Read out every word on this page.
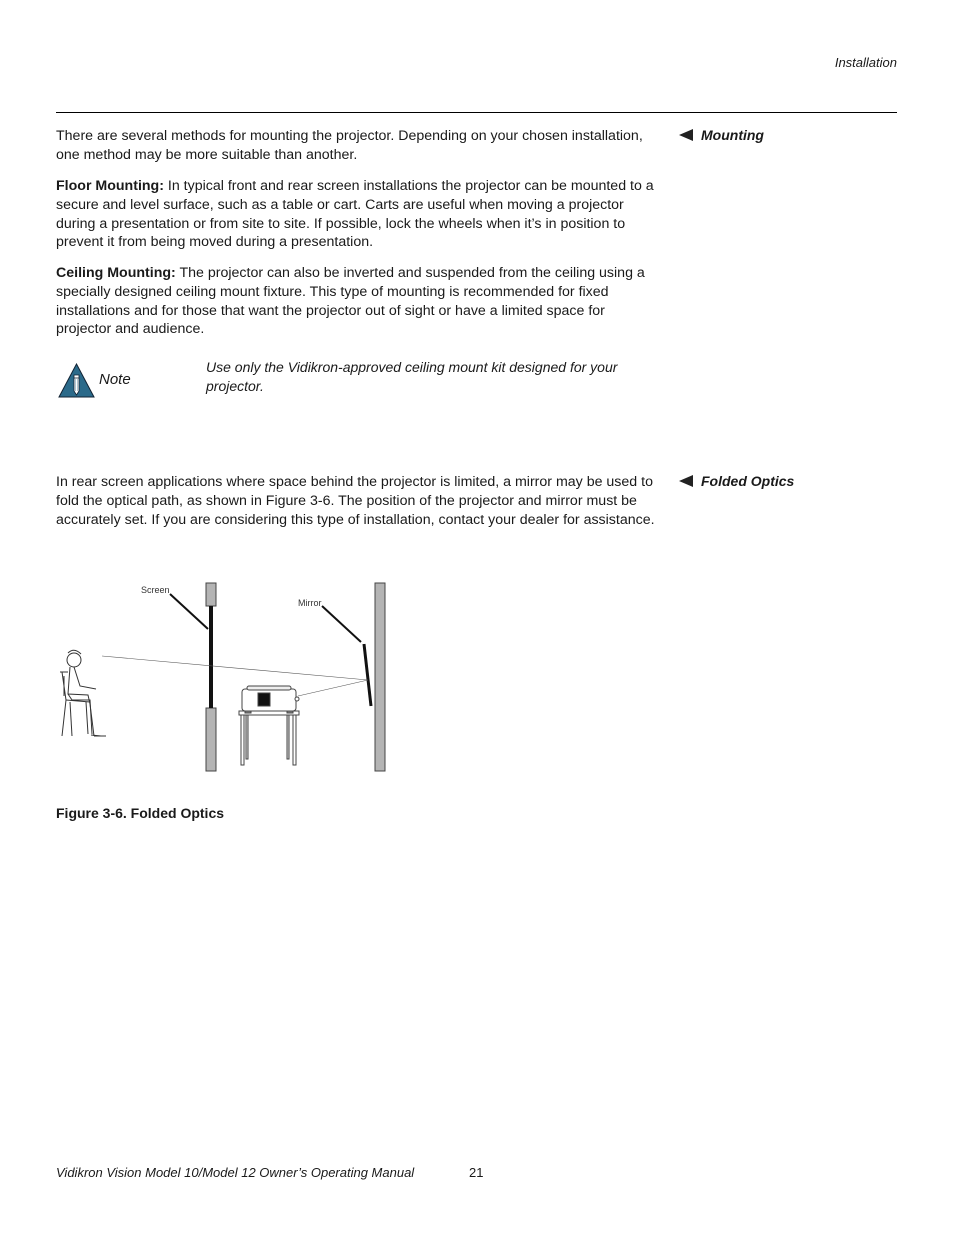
Installation

There are several methods for mounting the projector. Depending on your chosen installation, one method may be more suitable than another.

Mounting

Floor Mounting: In typical front and rear screen installations the projector can be mounted to a secure and level surface, such as a table or cart. Carts are useful when moving a projector during a presentation or from site to site. If possible, lock the wheels when it’s in position to prevent it from being moved during a presentation.

Ceiling Mounting: The projector can also be inverted and suspended from the ceiling using a specially designed ceiling mount fixture. This type of mounting is recommended for fixed installations and for those that want the projector out of sight or have a limited space for projector and audience.

Note
Use only the Vidikron-approved ceiling mount kit designed for your projector.

In rear screen applications where space behind the projector is limited, a mirror may be used to fold the optical path, as shown in Figure 3-6. The position of the projector and mirror must be accurately set. If you are considering this type of installation, contact your dealer for assistance.

Folded Optics
Screen
Mirror
Figure 3-6. Folded Optics
Vidikron Vision Model 10/Model 12 Owner’s Operating Manual	21
